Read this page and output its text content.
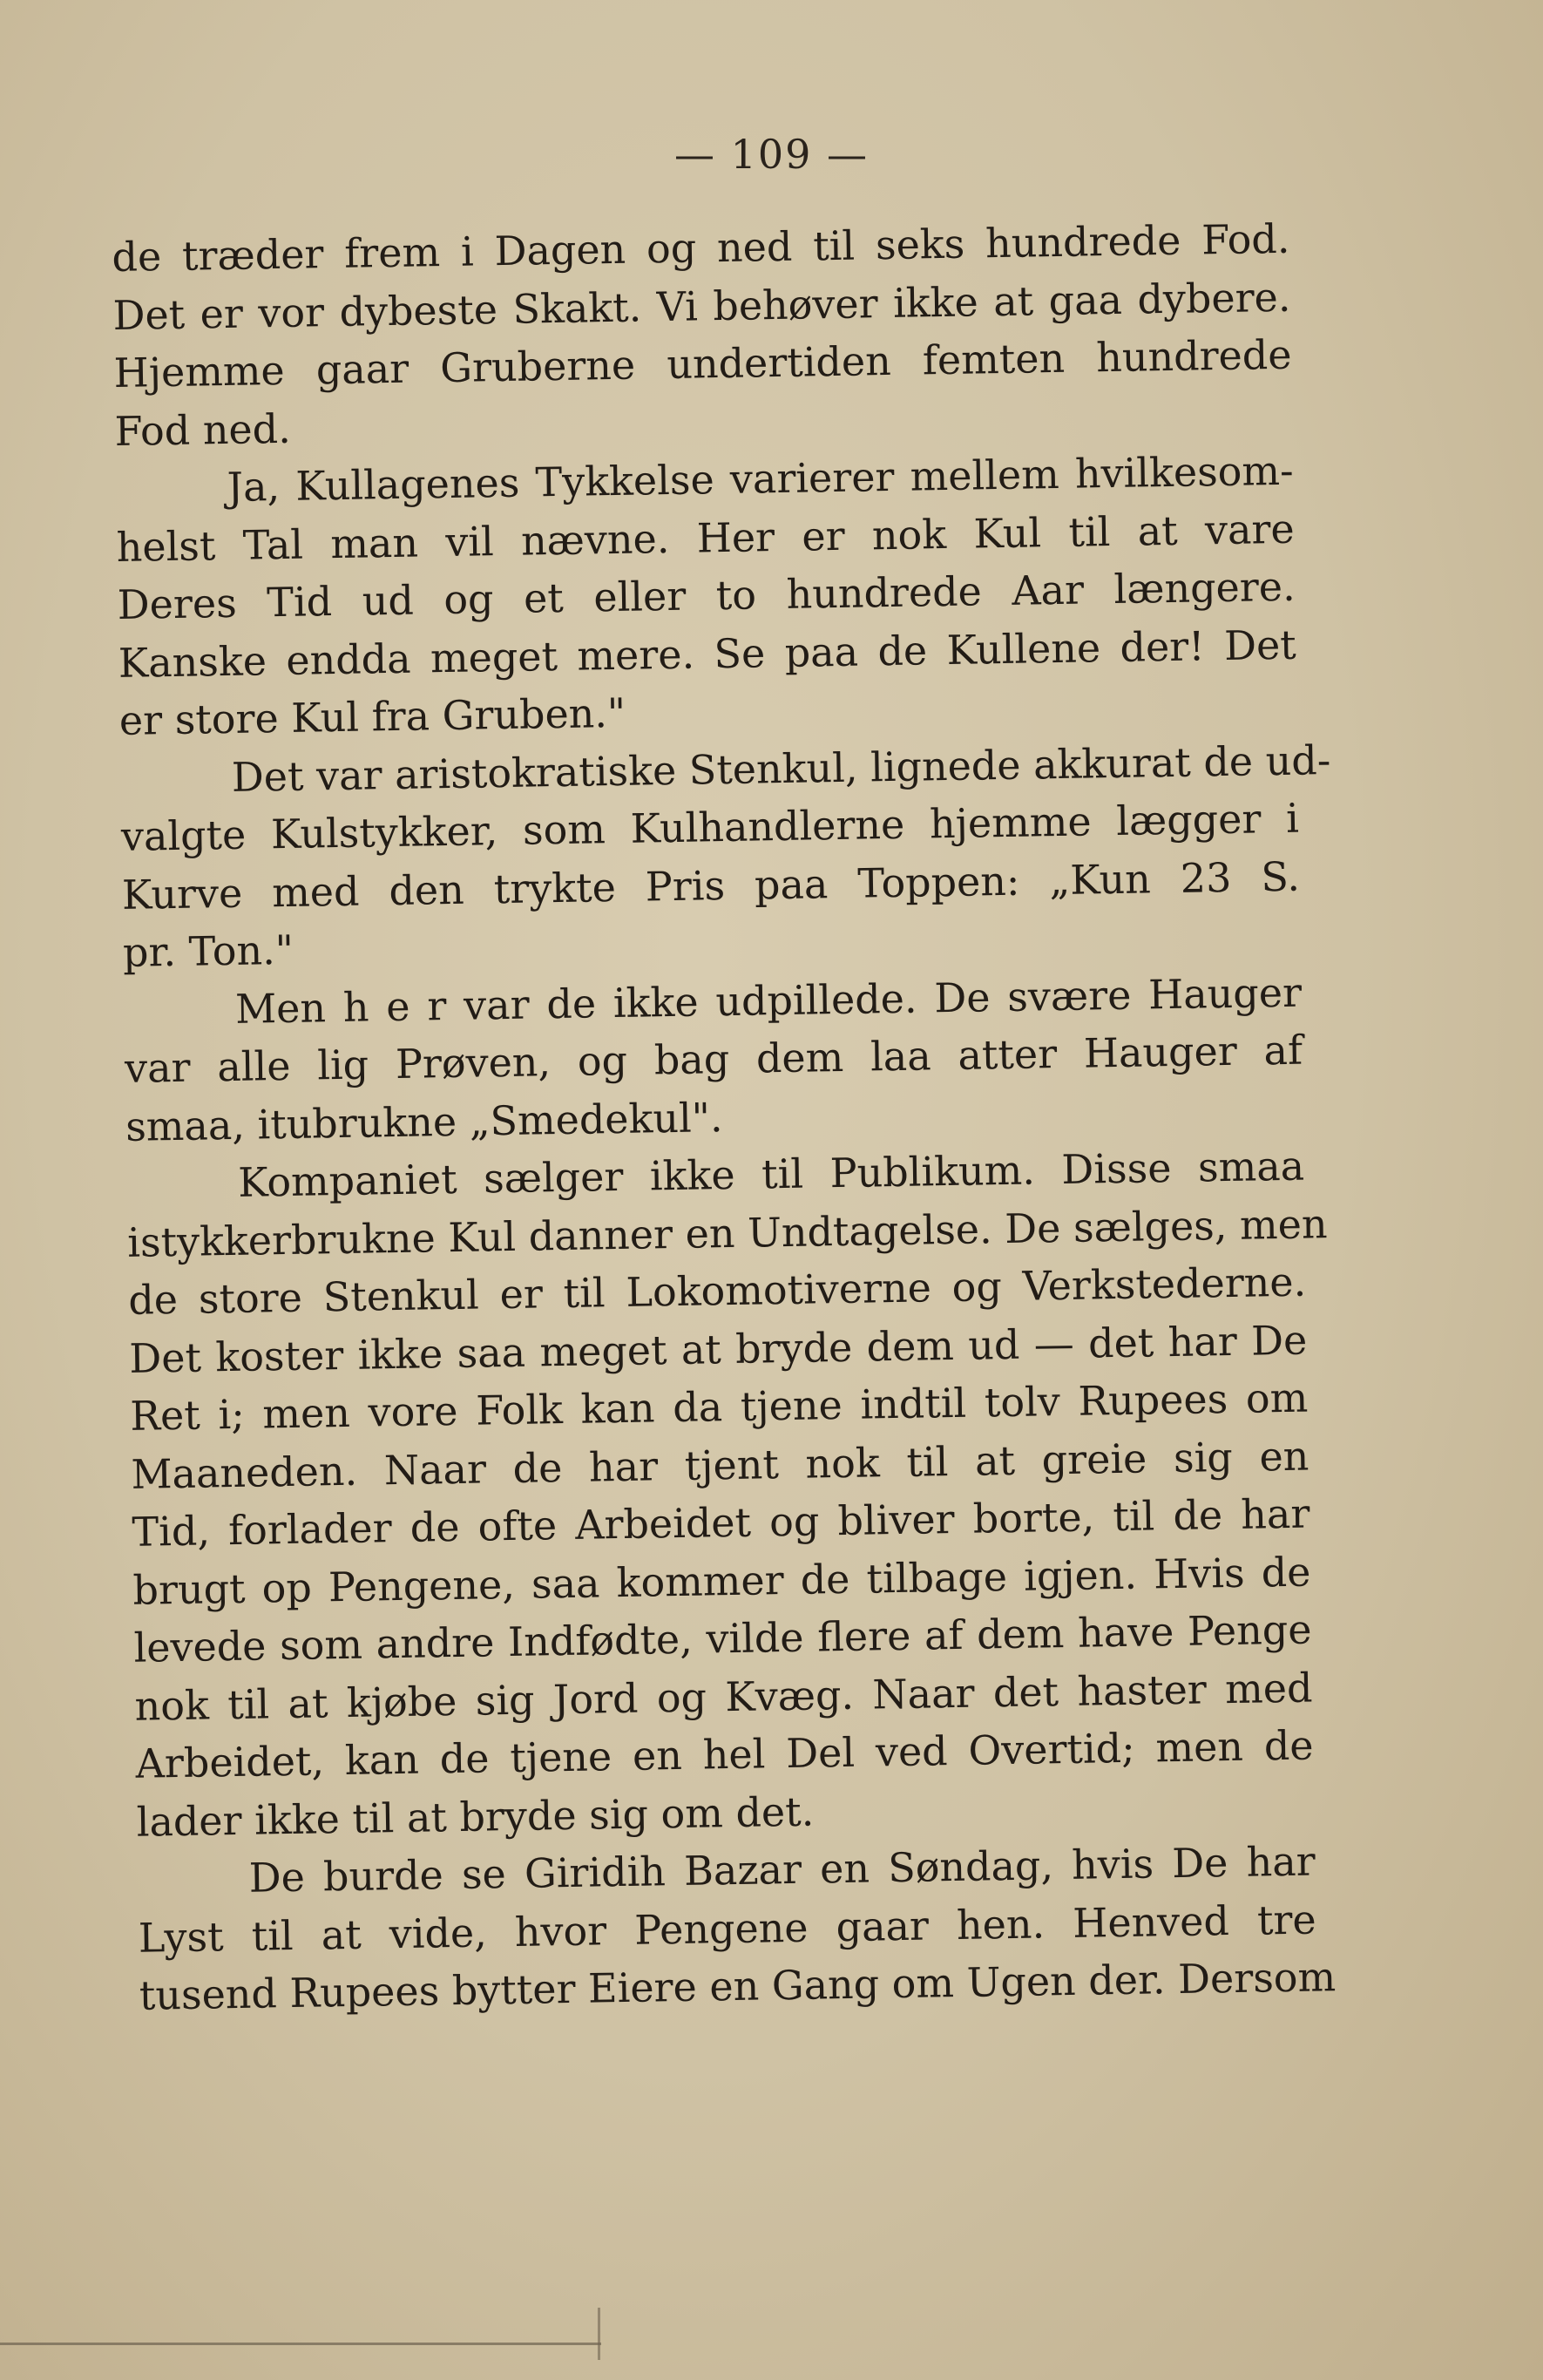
— 109 —
de træder frem i Dagen og ned til seks hundrede Fod.
Det er vor dybeste Skakt. Vi behøver ikke at gaa dybere.
Hjemme gaar Gruberne undertiden femten hundrede
Fod ned.
Ja, Kullagenes Tykkelse varierer mellem hvilkesom-
helst Tal man vil nævne. Her er nok Kul til at vare
Deres Tid ud og et eller to hundrede Aar længere.
Kanske endda meget mere. Se paa de Kullene der! Det
er store Kul fra Gruben."
Det var aristokratiske Stenkul, lignede akkurat de ud-
valgte Kulstykker, som Kulhandlerne hjemme lægger i
Kurve med den trykte Pris paa Toppen: „Kun 23 S.
pr. Ton."
Men h e r var de ikke udpillede. De svære Hauger
var alle lig Prøven, og bag dem laa atter Hauger af
smaa, itubrukne „Smedekul".
Kompaniet sælger ikke til Publikum. Disse smaa
istykkerbrukne Kul danner en Undtagelse. De sælges, men
de store Stenkul er til Lokomotiverne og Verkstederne.
Det koster ikke saa meget at bryde dem ud — det har De
Ret i; men vore Folk kan da tjene indtil tolv Rupees om
Maaneden. Naar de har tjent nok til at greie sig en
Tid, forlader de ofte Arbeidet og bliver borte, til de har
brugt op Pengene, saa kommer de tilbage igjen. Hvis de
levede som andre Indfødte, vilde flere af dem have Penge
nok til at kjøbe sig Jord og Kvæg. Naar det haster med
Arbeidet, kan de tjene en hel Del ved Overtid; men de
lader ikke til at bryde sig om det.
De burde se Giridih Bazar en Søndag, hvis De har
Lyst til at vide, hvor Pengene gaar hen. Henved tre
tusend Rupees bytter Eiere en Gang om Ugen der. Dersom
